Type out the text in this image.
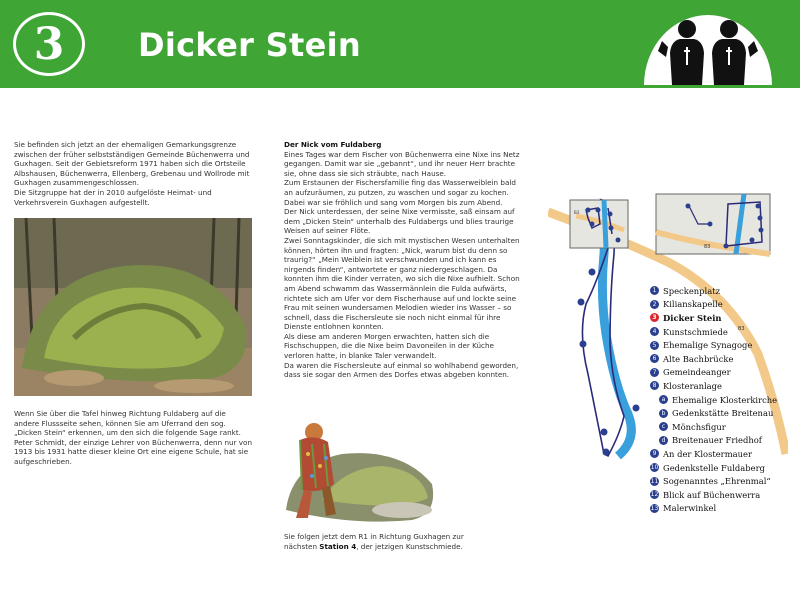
3 Dicker Stein

Sie befinden sich jetzt an der ehemaligen Gemarkungsgrenze zwischen der früher selbstständigen Gemeinde Büchenwerra und Guxhagen. Seit der Gebietsreform 1971 haben sich die Ortsteile Albshausen, Büchenwerra, Ellenberg, Grebenau und Wollrode mit Guxhagen zusammengeschlossen.

Die Sitzgruppe hat der in 2010 aufgelöste Heimat- und Verkehrsverein Guxhagen aufgestellt.

Wenn Sie über die Tafel hinweg Richtung Fuldaberg auf die andere Flussseite sehen, können Sie am Uferrand den sog. „Dicken Stein“ erkennen, um den sich die folgende Sage rankt. Peter Schmidt, der einzige Lehrer von Büchenwerra, denn nur von 1913 bis 1931 hatte dieser kleine Ort eine eigene Schule, hat sie aufgeschrieben.

Der Nick vom Fuldaberg

Eines Tages war dem Fischer von Büchenwerra eine Nixe ins Netz gegangen. Damit war sie „gebannt“, und ihr neuer Herr brachte sie, ohne dass sie sich sträubte, nach Hause.

Zum Erstaunen der Fischersfamilie fing das Wasserweiblein bald an aufzuräumen, zu putzen, zu waschen und sogar zu kochen. Dabei war sie fröhlich und sang vom Morgen bis zum Abend.

Der Nick unterdessen, der seine Nixe vermisste, saß einsam auf dem „Dicken Stein“ unterhalb des Fuldabergs und blies traurige Weisen auf seiner Flöte.

Zwei Sonntagskinder, die sich mit mystischen Wesen unterhalten können, hörten ihn und fragten: „Nick, warum bist du denn so traurig?“ „Mein Weiblein ist verschwunden und ich kann es nirgends finden“, antwortete er ganz niedergeschlagen. Da konnten ihm die Kinder verraten, wo sich die Nixe aufhielt. Schon am Abend schwamm das Wassermännlein die Fulda aufwärts, richtete sich am Ufer vor dem Fischerhause auf und lockte seine Frau mit seinen wundersamen Melodien wieder ins Wasser – so schnell, dass die Fischersleute sie noch nicht einmal für ihre Dienste entlohnen konnten.

Als diese am anderen Morgen erwachten, hatten sich die Fischschuppen, die die Nixe beim Davoneilen in der Küche verloren hatte, in blanke Taler verwandelt.

Da waren die Fischersleute auf einmal so wohlhabend geworden, dass sie sogar den Armen des Dorfes etwas abgeben konnten.

Sie folgen jetzt dem R1 in Richtung Guxhagen zur nächsten Station 4, der jetzigen Kunstschmiede.
83
B3
B3
1 Speckenplatz
2 Kilianskapelle
3 Dicker Stein
4 Kunstschmiede
5 Ehemalige Synagoge
6 Alte Bachbrücke
7 Gemeindeanger
8 Klosteranlage
a Ehemalige Klosterkirche
b Gedenkstätte Breitenau
c Mönchsfigur
d Breitenauer Friedhof
9 An der Klostermauer
10 Gedenkstelle Fuldaberg
11 Sogenanntes „Ehrenmal“
12 Blick auf Büchenwerra
13 Malerwinkel
